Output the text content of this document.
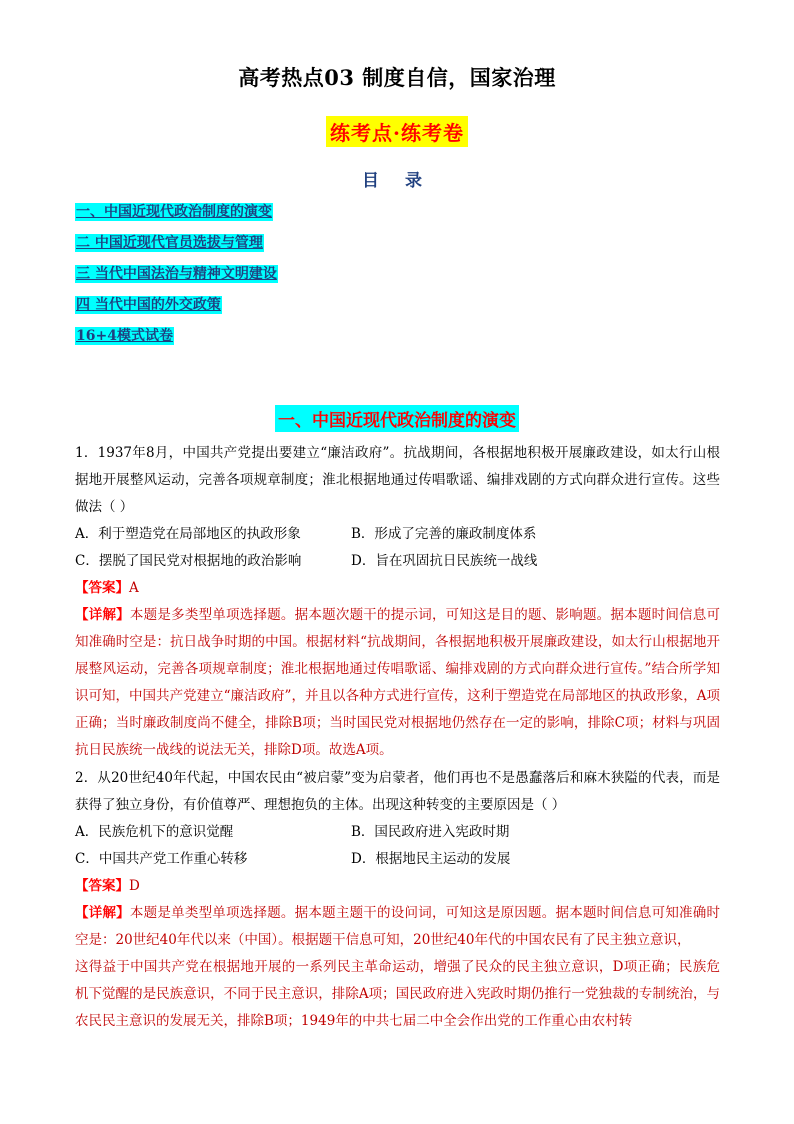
高考热点03 制度自信，国家治理
练考点·练考卷
目 录
一、中国近现代政治制度的演变
二 中国近现代官员选拔与管理
三 当代中国法治与精神文明建设
四 当代中国的外交政策
16+4模式试卷
一、中国近现代政治制度的演变

1．1937年8月，中国共产党提出要建立“廉洁政府”。抗战期间，各根据地积极开展廉政建设，如太行山根据地开展整风运动，完善各项规章制度；淮北根据地通过传唱歌谣、编排戏剧的方式向群众进行宣传。这些做法（ ）

A．利于塑造党在局部地区的执政形象	B．形成了完善的廉政制度体系
C．摆脱了国民党对根据地的政治影响	D．旨在巩固抗日民族统一战线

【答案】A

【详解】本题是多类型单项选择题。据本题次题干的提示词，可知这是目的题、影响题。据本题时间信息可知准确时空是：抗日战争时期的中国。根据材料“抗战期间，各根据地积极开展廉政建设，如太行山根据地开展整风运动，完善各项规章制度；淮北根据地通过传唱歌谣、编排戏剧的方式向群众进行宣传。”结合所学知识可知，中国共产党建立“廉洁政府”，并且以各种方式进行宣传，这利于塑造党在局部地区的执政形象，A项正确；当时廉政制度尚不健全，排除B项；当时国民党对根据地仍然存在一定的影响，排除C项；材料与巩固抗日民族统一战线的说法无关，排除D项。故选A项。

2．从20世纪40年代起，中国农民由“被启蒙”变为启蒙者，他们再也不是愚蠢落后和麻木狭隘的代表，而是获得了独立身份，有价值尊严、理想抱负的主体。出现这种转变的主要原因是（ ）

A．民族危机下的意识觉醒	B．国民政府进入宪政时期
C．中国共产党工作重心转移	D．根据地民主运动的发展

【答案】D

【详解】本题是单类型单项选择题。据本题主题干的设问词，可知这是原因题。据本题时间信息可知准确时空是：20世纪40年代以来（中国）。根据题干信息可知，20世纪40年代的中国农民有了民主独立意识，

这得益于中国共产党在根据地开展的一系列民主革命运动，增强了民众的民主独立意识，D项正确；民族危机下觉醒的是民族意识，不同于民主意识，排除A项；国民政府进入宪政时期仍推行一党独裁的专制统治，与农民民主意识的发展无关，排除B项；1949年的中共七届二中全会作出党的工作重心由农村转
